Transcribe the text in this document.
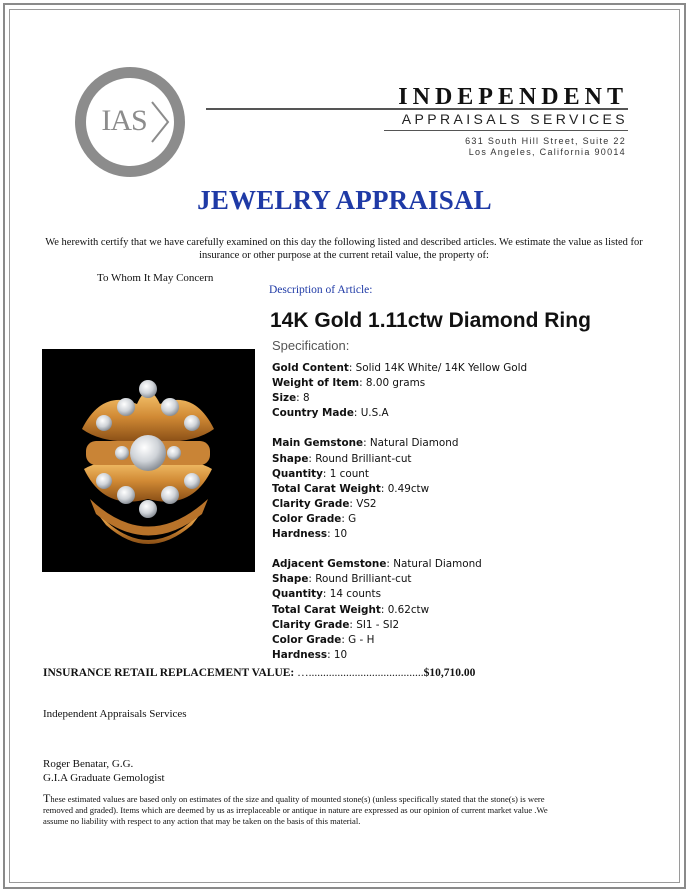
IAS
Appraisal
INDEPENDENT
APPRAISALS SERVICES
631 South Hill Street, Suite 22
Los Angeles, California 90014
JEWELRY APPRAISAL
We herewith certify that we have carefully examined on this day the following listed and described articles. We estimate the value as listed for insurance or other purpose at the current retail value, the property of:
To Whom It May Concern
Description of Article:
14K Gold 1.11ctw Diamond Ring
Specification:
Gold Content: Solid 14K White/ 14K Yellow Gold
Weight of Item: 8.00 grams
Size: 8
Country Made: U.S.A
Main Gemstone: Natural Diamond
Shape: Round Brilliant-cut
Quantity: 1 count
Total Carat Weight: 0.49ctw
Clarity Grade: VS2
Color Grade: G
Hardness: 10
Adjacent Gemstone: Natural Diamond
Shape: Round Brilliant-cut
Quantity: 14 counts
Total Carat Weight: 0.62ctw
Clarity Grade: SI1 - SI2
Color Grade: G - H
Hardness: 10
INSURANCE RETAIL REPLACEMENT VALUE: …........................................$10,710.00
Independent Appraisals Services
Roger Benatar, G.G.
G.I.A Graduate Gemologist
These estimated values are based only on estimates of the size and quality of mounted stone(s) (unless specifically stated that the stone(s) is were removed and graded). Items which are deemed by us as irreplaceable or antique in nature are expressed as our opinion of current market value .We assume no liability with respect to any action that may be taken on the basis of this material.
